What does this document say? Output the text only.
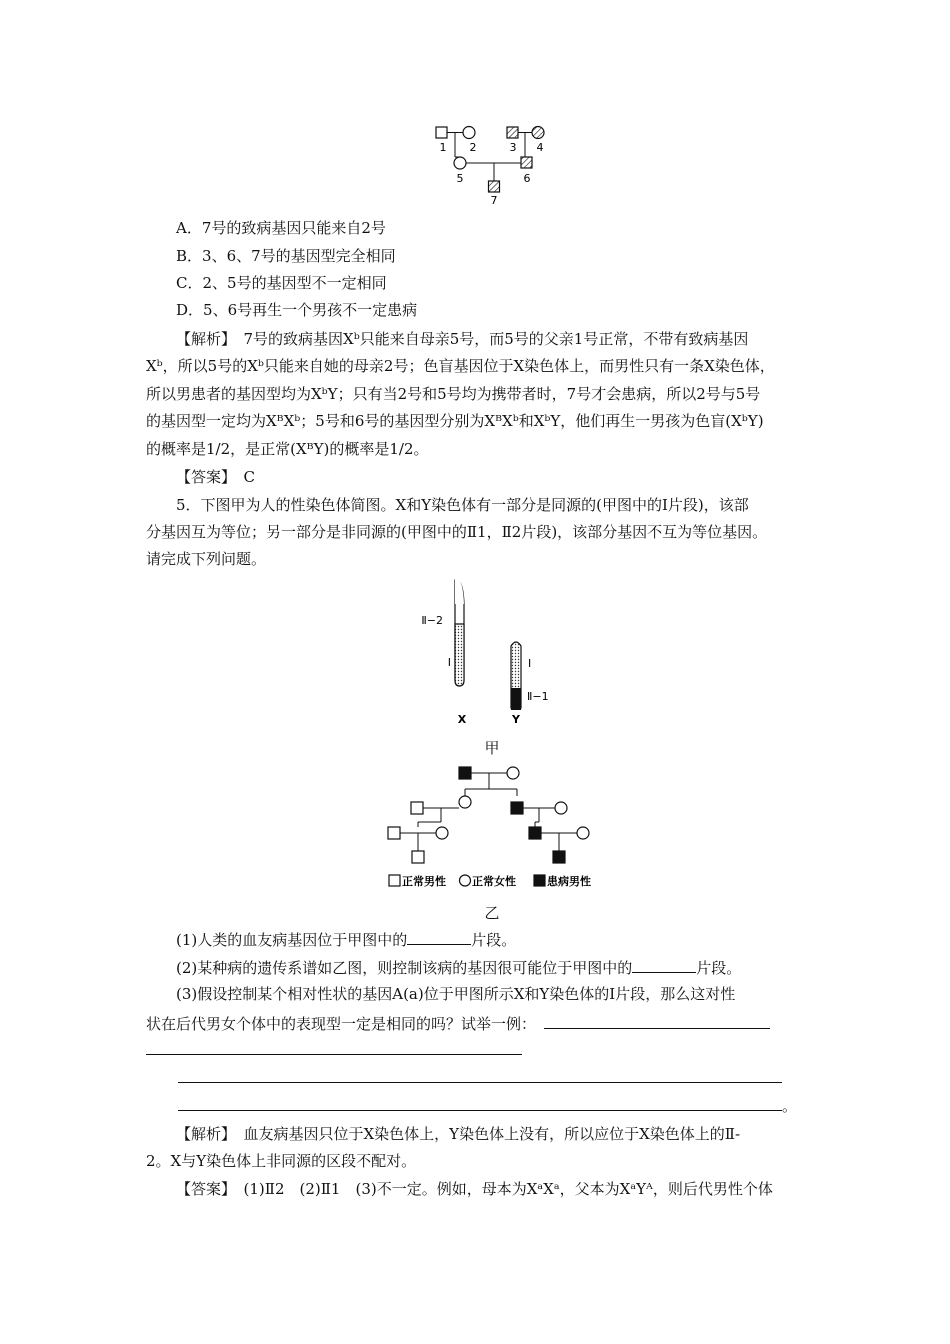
1 2	3 4
5	6
7
A．7号的致病基因只能来自2号
B．3、6、7号的基因型完全相同
C．2、5号的基因型不一定相同
D．5、6号再生一个男孩不一定患病
【解析】　7号的致病基因Xᵇ只能来自母亲5号，而5号的父亲1号正常，不带有致病基因
Xᵇ，所以5号的Xᵇ只能来自她的母亲2号；色盲基因位于X染色体上，而男性只有一条X染色体，
所以男患者的基因型均为XᵇY；只有当2号和5号均为携带者时，7号才会患病，所以2号与5号
的基因型一定均为XᴮXᵇ；5号和6号的基因型分别为XᴮXᵇ和XᵇY，他们再生一男孩为色盲(XᵇY)
的概率是1/2，是正常(XᴮY)的概率是1/2。
【答案】　C
5．下图甲为人的性染色体简图。X和Y染色体有一部分是同源的(甲图中的Ⅰ片段)，该部
分基因互为等位；另一部分是非同源的(甲图中的Ⅱ1，Ⅱ2片段)，该部分基因不互为等位基因。
请完成下列问题。
Ⅱ−2
Ⅰ	Ⅰ
Ⅱ−1
X	Y
甲
正常男性 正常女性	患病男性
乙
(1)人类的血友病基因位于甲图中的	片段。
(2)某种病的遗传系谱如乙图，则控制该病的基因很可能位于甲图中的	片段。
(3)假设控制某个相对性状的基因A(a)位于甲图所示X和Y染色体的Ⅰ片段，那么这对性
状在后代男女个体中的表现型一定是相同的吗？试举一例：
。
【解析】　血友病基因只位于X染色体上，Y染色体上没有，所以应位于X染色体上的Ⅱ-
2。X与Y染色体上非同源的区段不配对。
【答案】　(1)Ⅱ2　(2)Ⅱ1　(3)不一定。例如，母本为XᵃXᵃ，父本为XᵃYᴬ，则后代男性个体
